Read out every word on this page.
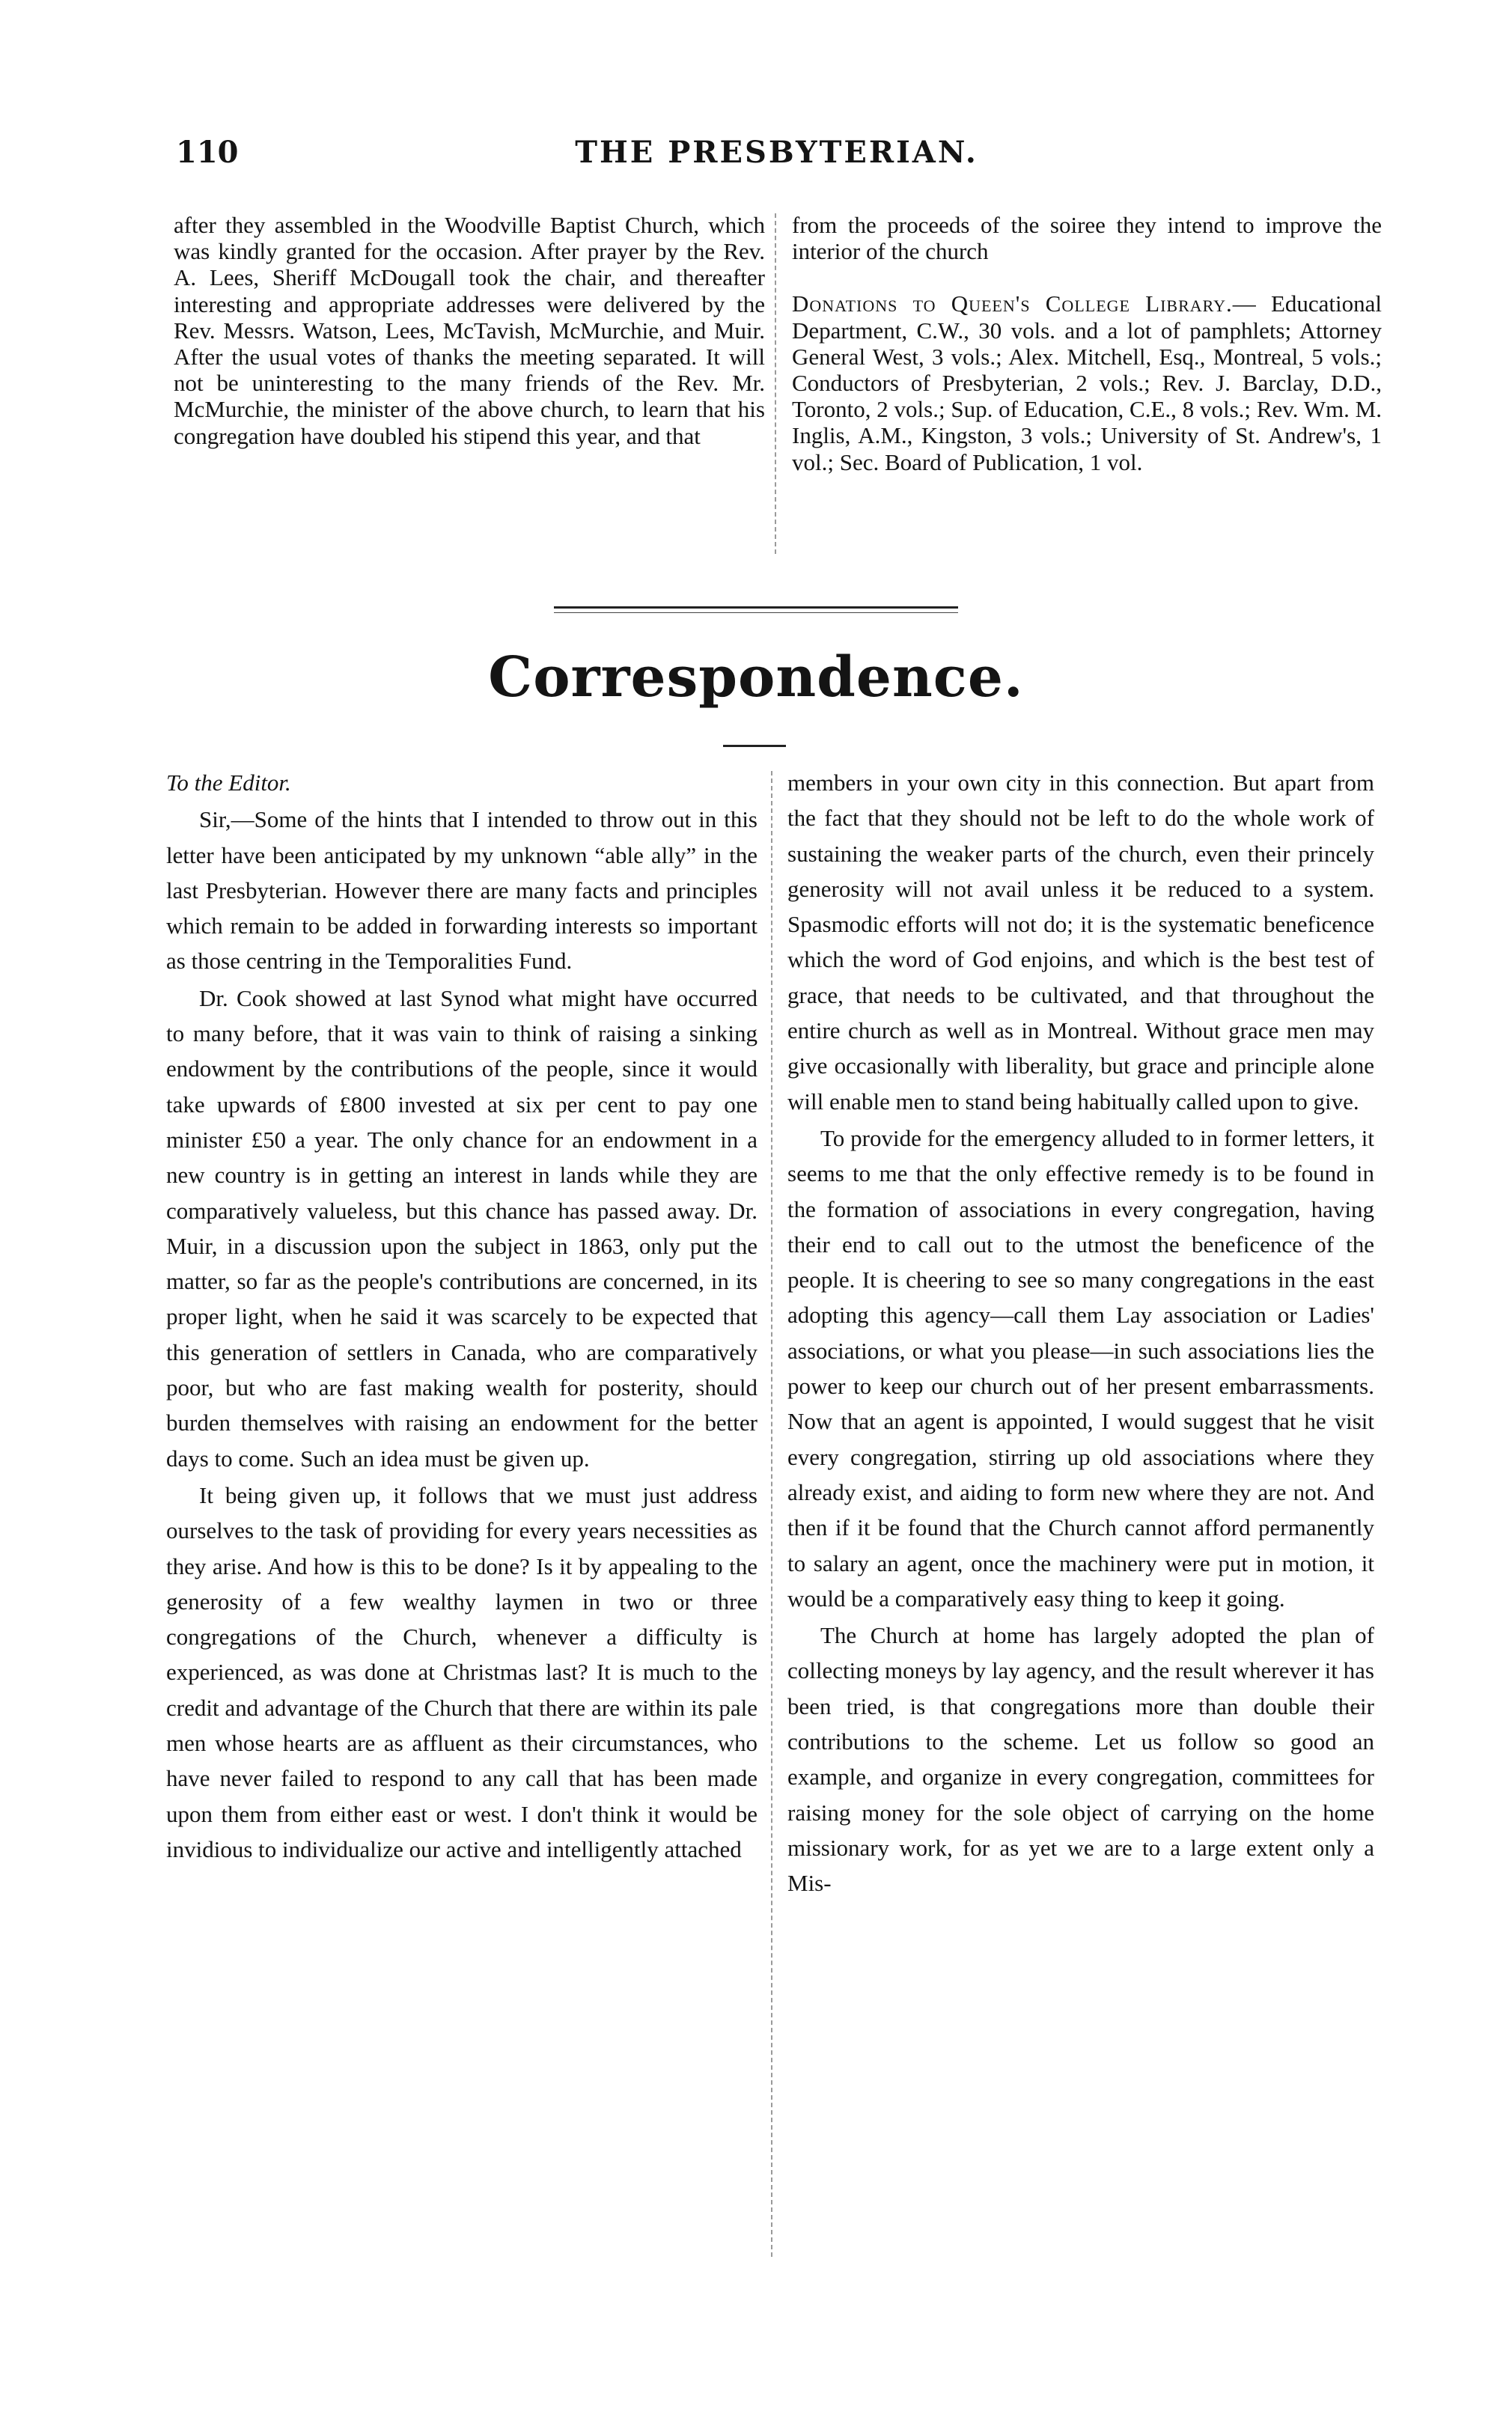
110	THE PRESBYTERIAN.

after they assembled in the Woodville Baptist Church, which was kindly granted for the occasion. After prayer by the Rev. A. Lees, Sheriff McDougall took the chair, and thereafter interesting and appropriate addresses were delivered by the Rev. Messrs. Watson, Lees, McTavish, McMurchie, and Muir. After the usual votes of thanks the meeting separated. It will not be uninteresting to the many friends of the Rev. Mr. McMurchie, the minister of the above church, to learn that his congregation have doubled his stipend this year, and that

from the proceeds of the soiree they intend to improve the interior of the church

Donations to Queen's College Library.— Educational Department, C.W., 30 vols. and a lot of pamphlets; Attorney General West, 3 vols.; Alex. Mitchell, Esq., Montreal, 5 vols.; Conductors of Presbyterian, 2 vols.; Rev. J. Barclay, D.D., Toronto, 2 vols.; Sup. of Education, C.E., 8 vols.; Rev. Wm. M. Inglis, A.M., Kingston, 3 vols.; University of St. Andrew's, 1 vol.; Sec. Board of Publication, 1 vol.

Correspondence.

To the Editor.

Sir,—Some of the hints that I intended to throw out in this letter have been anticipated by my unknown “able ally” in the last Presbyterian. However there are many facts and principles which remain to be added in forwarding interests so important as those centring in the Temporalities Fund.

Dr. Cook showed at last Synod what might have occurred to many before, that it was vain to think of raising a sinking endowment by the contributions of the people, since it would take upwards of £800 invested at six per cent to pay one minister £50 a year. The only chance for an endowment in a new country is in getting an interest in lands while they are comparatively valueless, but this chance has passed away. Dr. Muir, in a discussion upon the subject in 1863, only put the matter, so far as the people's contributions are concerned, in its proper light, when he said it was scarcely to be expected that this generation of settlers in Canada, who are comparatively poor, but who are fast making wealth for posterity, should burden themselves with raising an endowment for the better days to come. Such an idea must be given up.

It being given up, it follows that we must just address ourselves to the task of providing for every years necessities as they arise. And how is this to be done? Is it by appealing to the generosity of a few wealthy laymen in two or three congregations of the Church, whenever a difficulty is experienced, as was done at Christmas last? It is much to the credit and advantage of the Church that there are within its pale men whose hearts are as affluent as their circumstances, who have never failed to respond to any call that has been made upon them from either east or west. I don't think it would be invidious to individualize our active and intelligently attached

members in your own city in this connection. But apart from the fact that they should not be left to do the whole work of sustaining the weaker parts of the church, even their princely generosity will not avail unless it be reduced to a system. Spasmodic efforts will not do; it is the systematic beneficence which the word of God enjoins, and which is the best test of grace, that needs to be cultivated, and that throughout the entire church as well as in Montreal. Without grace men may give occasionally with liberality, but grace and principle alone will enable men to stand being habitually called upon to give.

To provide for the emergency alluded to in former letters, it seems to me that the only effective remedy is to be found in the formation of associations in every congregation, having their end to call out to the utmost the beneficence of the people. It is cheering to see so many congregations in the east adopting this agency—call them Lay association or Ladies' associations, or what you please—in such associations lies the power to keep our church out of her present embarrassments. Now that an agent is appointed, I would suggest that he visit every congregation, stirring up old associations where they already exist, and aiding to form new where they are not. And then if it be found that the Church cannot afford permanently to salary an agent, once the machinery were put in motion, it would be a comparatively easy thing to keep it going.

The Church at home has largely adopted the plan of collecting moneys by lay agency, and the result wherever it has been tried, is that congregations more than double their contributions to the scheme. Let us follow so good an example, and organize in every congregation, committees for raising money for the sole object of carrying on the home missionary work, for as yet we are to a large extent only a Mis-
